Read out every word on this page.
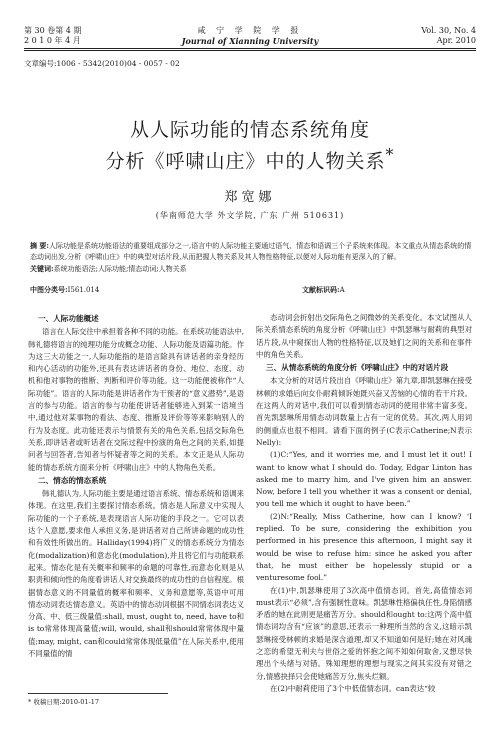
第 30 卷第 4 期
2 0 1 0 年 4 月
咸 宁 学 院 学 报
Journal of Xianning University
Vol. 30, No. 4
Apr. 2010
文章编号:1006 - 5342(2010)04 - 0057 - 02
从人际功能的情态系统角度
分析《呼啸山庄》中的人物关系*
郑宽娜
(华南师范大学 外文学院, 广东 广州 510631)
摘 要:人际功能是系统功能语法的重要组成部分之一,语言中的人际功能主要通过语气、情态和语调三个子系统来体现。本文重点从情态系统的情态动词出发,分析《呼啸山庄》中的典型对话片段,从而把握人物关系及其人物性格特征,以便对人际功能有更深入的了解。
关键词:系统功能语法;人际功能;情态动词;人物关系
中图分类号:I561.014	文献标识码:A
一、人际功能概述

语言在人际交往中承担着各种不同的功能。在系统功能语法中,韩礼德将语言的纯理功能分成概念功能、人际功能及语篇功能。作为这三大功能之一,人际功能指的是语言除具有讲话者的亲身经历和内心活动的功能外,还具有表达讲话者的身份、地位、态度、动机和他对事物的推断、判断和评价等功能。这一功能便被称作“人际功能”。语言的人际功能是讲话者作为干预者的“意义潜势”,是语言的参与功能。语言的参与功能使讲话者能够进入到某一语境当中,通过他对某事物的看法、态度、推断及评价等等来影响别人的行为及态度。此功能还表示与情景有关的角色关系,包括交际角色关系,即讲话者或听话者在交际过程中扮演的角色之间的关系,如提问者与回答者,告知者与怀疑者等之间的关系。本文正是从人际功能的情态系统方面来分析《呼啸山庄》中的人物角色关系。

二、情态的情态系统

韩礼德认为,人际功能主要是通过语言系统、情态系统和语调来体现。在这里,我们主要探讨情态系统。情态是人际意义中实现人际功能的一个子系统,是表现语言人际功能的手段之一。它可以表达个人意愿,要求他人承担义务,是讲话者对自己所讲命题的成功性和有效性所做出的。Halliday(1994)将广义的情态系统分为情态化(modalization)和意态化(modulation),并且将它们与功能联系起来。情态化是有关概率和频率的命题的可靠性,而意态化则是从职责和倾向性的角度看讲话人对交换最终的成功性的自信程度。根据情态意义的不同量值的概率和频率、义务和意愿等,英语中可用情态动词表达情态意义。英语中的情态动词根据不同情态词表达义分高、中、低三级量值:shall, must, ought to, need, have to和is to常常体现高量值;will, would, shall和should常常体现中量值;may, might, can和could常常体现低量值”在人际关系中,使用不同量值的情

态动词会折射出交际角色之间微妙的关系变化。本文试图从人际关系情态系统的角度分析《呼啸山庄》中凯瑟琳与耐莉的典型对话片段,从中窥探出人物的性格特征,以及她们之间的关系和在事件中的角色关系。

三、从情态系统的角度分析《呼啸山庄》中的对话片段

本文分析的对话片段出自《呼啸山庄》第九章,即凯瑟琳在接受林顿的求婚后向女仆耐莉倾诉她既兴奋又苦恼的心情的若干片段。在这两人的对话中,我们可以看到情态动词的使用非常丰富多变。首先凯瑟琳所用情态动词数量上占有一定的优势。其次,两人用词的侧重点也很不相同。请看下面的例子(C表示Catherine;N表示Nelly):

(1)C:“Yes, and it worries me, and I must let it out! I want to know what I should do. Today, Edgar Linton has asked me to marry him, and I've given him an answer. Now, before I tell you whether it was a consent or denial, you tell me which it ought to have been.”

(2)N:“Really, Miss Catherine, how can I know? ‘I replied. To be sure, considering the exhibition you performed in his presence this afternoon, I might say it would be wise to refuse him: since he asked you after that, he must either be hopelessly stupid or a venturesome fool.”

在(1)中,凯瑟琳使用了3次高中值情态词。首先,高值情态词must表示“必须”,含有强制性意味。凯瑟琳性格偏执任性,身陷情感矛盾的她在此则更是痛苦万分。should和ought to:这两个高中值情态词均含有“应该”的意思,还表示一种理所当然的含义,这暗示凯瑟琳接受林顿的求婚是深含道理,却又不知道如何是好;她在对风魂之恋的希望无利夫与世俗之爱的怀抱之间不知如何取舍,又想尽快理出个头绪与对错。殊知理想的理想与现实之间其实没有对错之分,情感抉择只会使她痛苦万分,焦头烂额。

在(2)中耐莉使用了3个中低值情态词。can表达“较

* 收稿日期:2010-01-17
